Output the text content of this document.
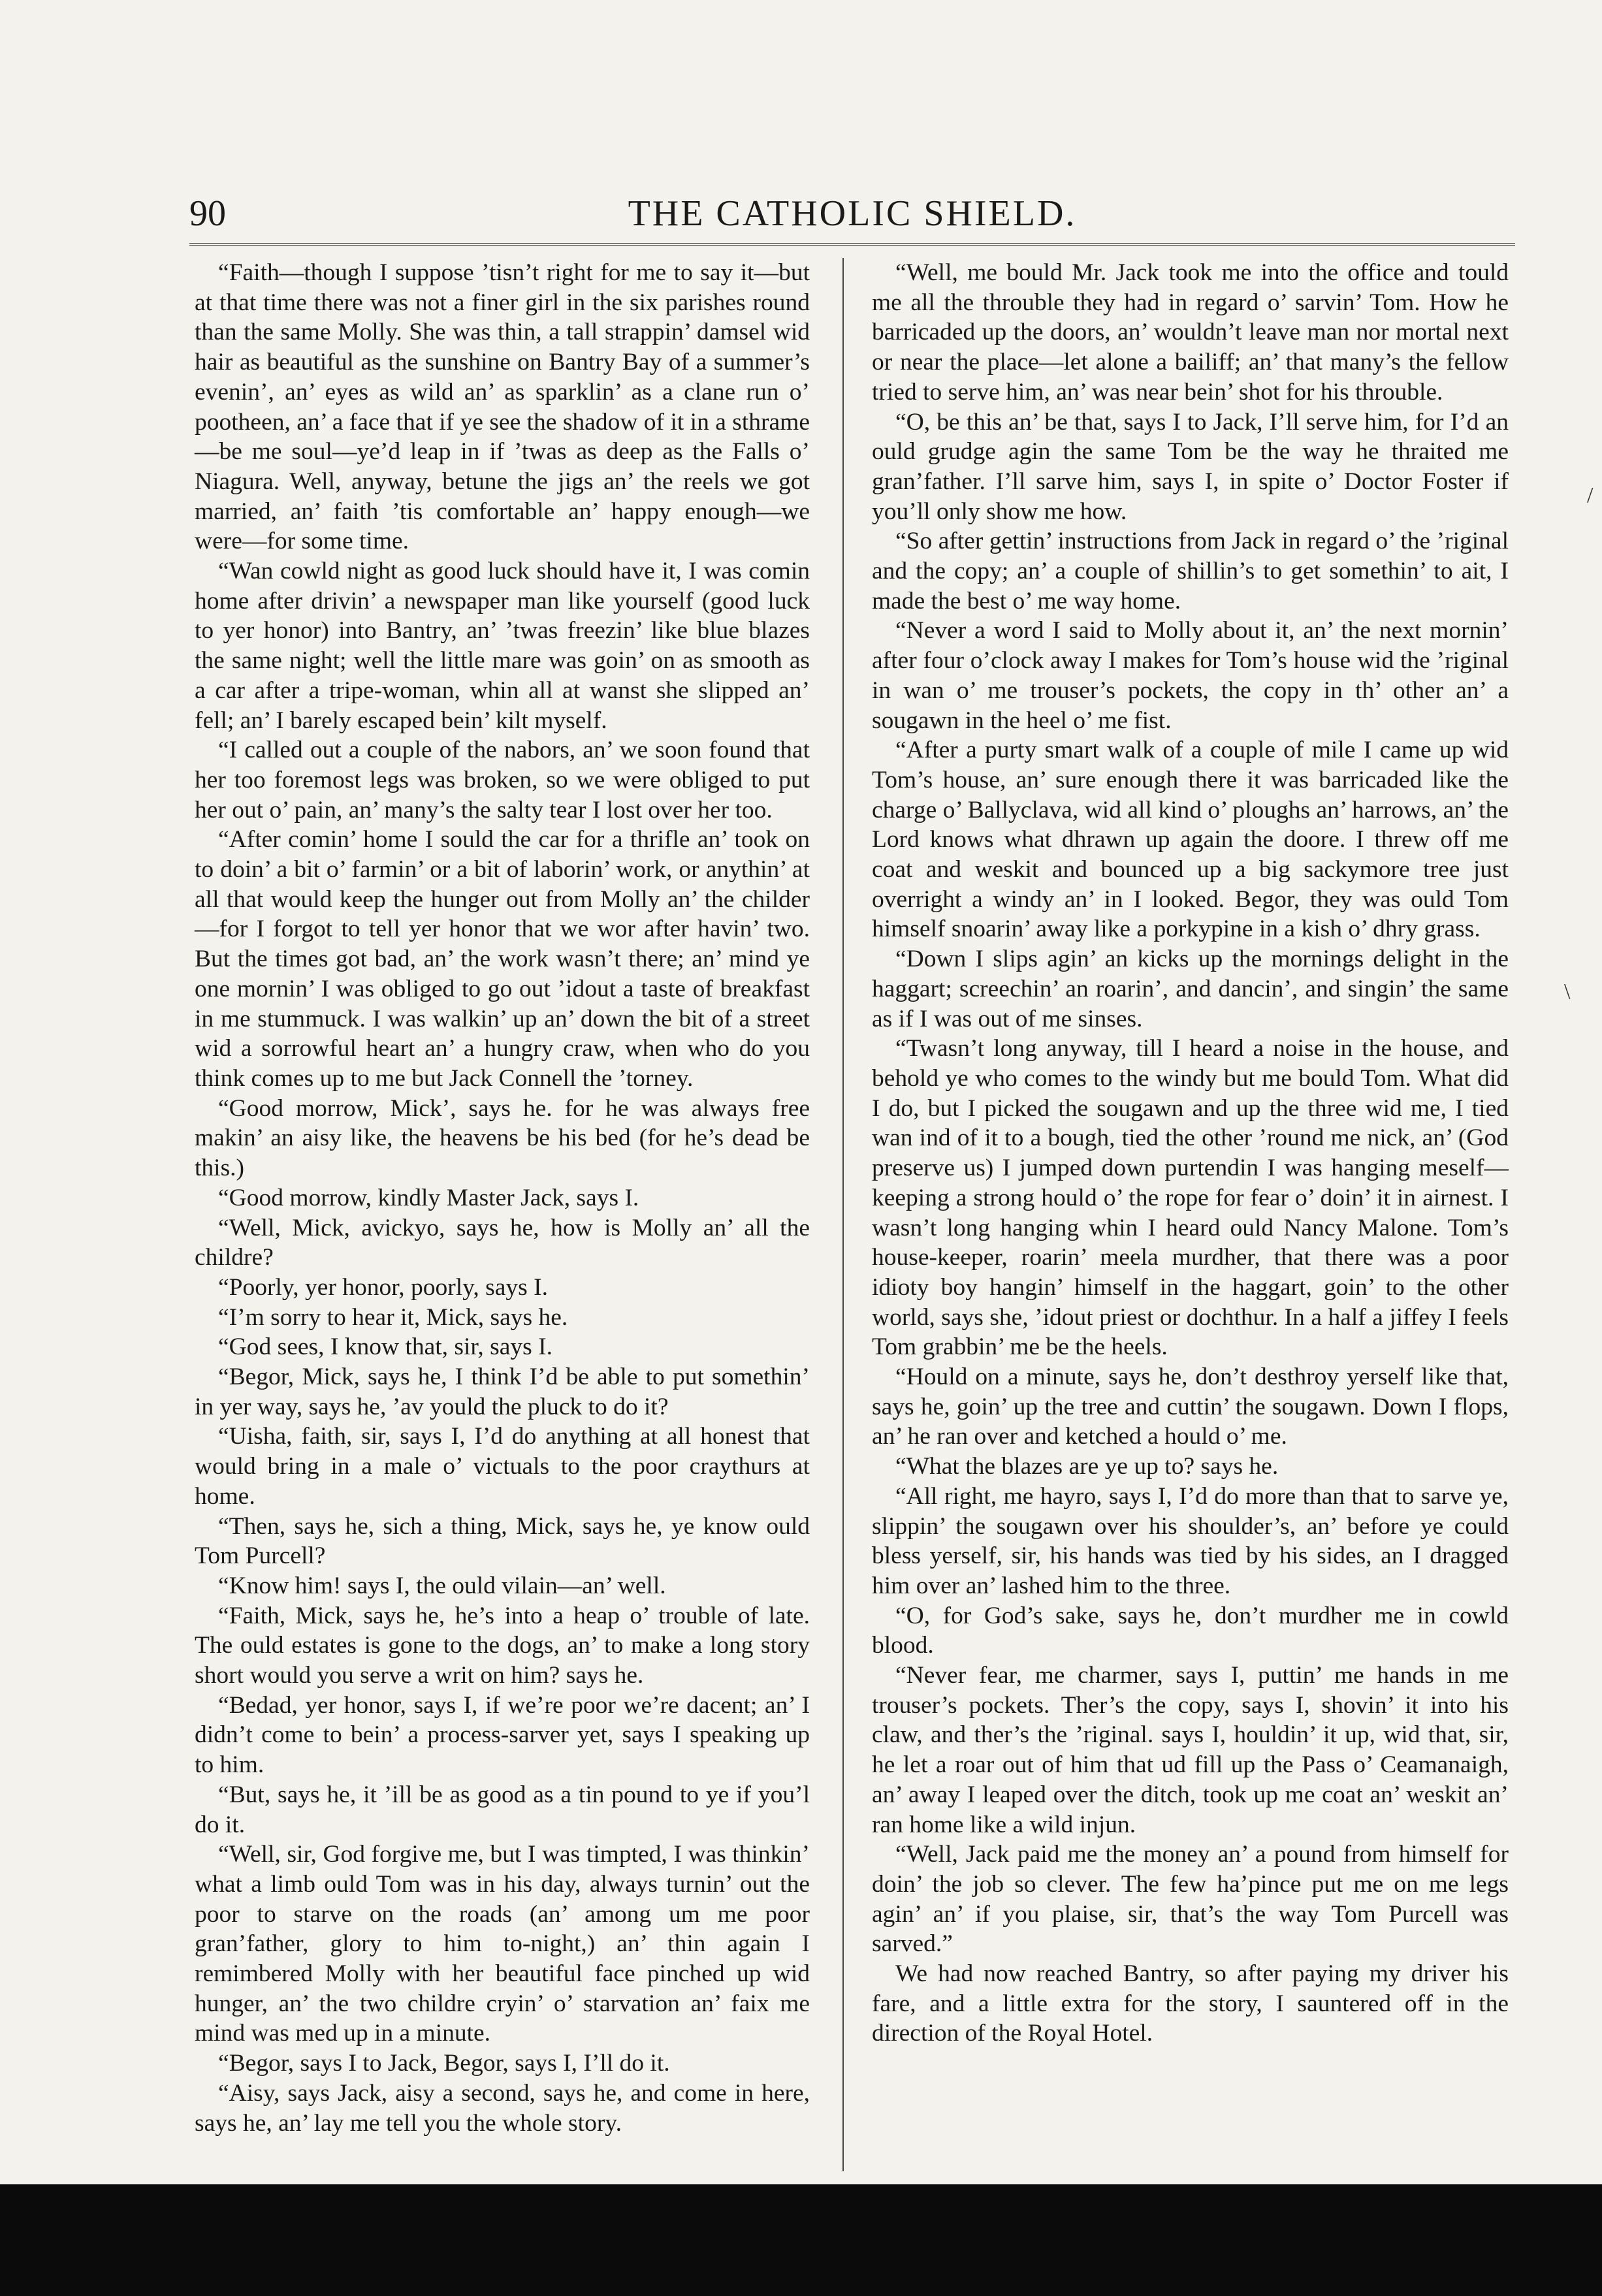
90	THE CATHOLIC SHIELD.

“Faith—though I suppose ’tisn’t right for me to say it—but at that time there was not a finer girl in the six parishes round than the same Molly. She was thin, a tall strappin’ damsel wid hair as beautiful as the sunshine on Bantry Bay of a summer’s evenin’, an’ eyes as wild an’ as sparklin’ as a clane run o’ pootheen, an’ a face that if ye see the shadow of it in a sthrame—be me soul—ye’d leap in if ’twas as deep as the Falls o’ Niagura. Well, anyway, betune the jigs an’ the reels we got married, an’ faith ’tis comfortable an’ happy enough—we were—for some time.

“Wan cowld night as good luck should have it, I was comin home after drivin’ a newspaper man like yourself (good luck to yer honor) into Bantry, an’ ’twas freezin’ like blue blazes the same night; well the little mare was goin’ on as smooth as a car after a tripe-woman, whin all at wanst she slipped an’ fell; an’ I barely escaped bein’ kilt myself.

“I called out a couple of the nabors, an’ we soon found that her too foremost legs was broken, so we were obliged to put her out o’ pain, an’ many’s the salty tear I lost over her too.

“After comin’ home I sould the car for a thrifle an’ took on to doin’ a bit o’ farmin’ or a bit of laborin’ work, or anythin’ at all that would keep the hunger out from Molly an’ the childer—for I forgot to tell yer honor that we wor after havin’ two. But the times got bad, an’ the work wasn’t there; an’ mind ye one mornin’ I was obliged to go out ’idout a taste of breakfast in me stummuck. I was walkin’ up an’ down the bit of a street wid a sorrowful heart an’ a hungry craw, when who do you think comes up to me but Jack Connell the ’torney.

“Good morrow, Mick’, says he. for he was always free makin’ an aisy like, the heavens be his bed (for he’s dead be this.)

“Good morrow, kindly Master Jack, says I.

“Well, Mick, avickyo, says he, how is Molly an’ all the childre?

“Poorly, yer honor, poorly, says I.

“I’m sorry to hear it, Mick, says he.

“God sees, I know that, sir, says I.

“Begor, Mick, says he, I think I’d be able to put somethin’ in yer way, says he, ’av yould the pluck to do it?

“Uisha, faith, sir, says I, I’d do anything at all honest that would bring in a male o’ victuals to the poor craythurs at home.

“Then, says he, sich a thing, Mick, says he, ye know ould Tom Purcell?

“Know him! says I, the ould vilain—an’ well.

“Faith, Mick, says he, he’s into a heap o’ trouble of late. The ould estates is gone to the dogs, an’ to make a long story short would you serve a writ on him? says he.

“Bedad, yer honor, says I, if we’re poor we’re dacent; an’ I didn’t come to bein’ a process-sarver yet, says I speaking up to him.

“But, says he, it ’ill be as good as a tin pound to ye if you’l do it.

“Well, sir, God forgive me, but I was timpted, I was thinkin’ what a limb ould Tom was in his day, always turnin’ out the poor to starve on the roads (an’ among um me poor gran’father, glory to him to-night,) an’ thin again I remimbered Molly with her beautiful face pinched up wid hunger, an’ the two childre cryin’ o’ starvation an’ faix me mind was med up in a minute.

“Begor, says I to Jack, Begor, says I, I’ll do it.

“Aisy, says Jack, aisy a second, says he, and come in here, says he, an’ lay me tell you the whole story.

“Well, me bould Mr. Jack took me into the office and tould me all the throuble they had in regard o’ sarvin’ Tom. How he barricaded up the doors, an’ wouldn’t leave man nor mortal next or near the place—let alone a bailiff; an’ that many’s the fellow tried to serve him, an’ was near bein’ shot for his throuble.

“O, be this an’ be that, says I to Jack, I’ll serve him, for I’d an ould grudge agin the same Tom be the way he thraited me gran’father. I’ll sarve him, says I, in spite o’ Doctor Foster if you’ll only show me how.

“So after gettin’ instructions from Jack in regard o’ the ’riginal and the copy; an’ a couple of shillin’s to get somethin’ to ait, I made the best o’ me way home.

“Never a word I said to Molly about it, an’ the next mornin’ after four o’clock away I makes for Tom’s house wid the ’riginal in wan o’ me trouser’s pockets, the copy in th’ other an’ a sougawn in the heel o’ me fist.

“After a purty smart walk of a couple of mile I came up wid Tom’s house, an’ sure enough there it was barricaded like the charge o’ Ballyclava, wid all kind o’ ploughs an’ harrows, an’ the Lord knows what dhrawn up again the doore. I threw off me coat and weskit and bounced up a big sackymore tree just overright a windy an’ in I looked. Begor, they was ould Tom himself snoarin’ away like a porkypine in a kish o’ dhry grass.

“Down I slips agin’ an kicks up the mornings delight in the haggart; screechin’ an roarin’, and dancin’, and singin’ the same as if I was out of me sinses.

“Twasn’t long anyway, till I heard a noise in the house, and behold ye who comes to the windy but me bould Tom. What did I do, but I picked the sougawn and up the three wid me, I tied wan ind of it to a bough, tied the other ’round me nick, an’ (God preserve us) I jumped down purtendin I was hanging meself—keeping a strong hould o’ the rope for fear o’ doin’ it in airnest. I wasn’t long hanging whin I heard ould Nancy Malone. Tom’s house-keeper, roarin’ meela murdher, that there was a poor idioty boy hangin’ himself in the haggart, goin’ to the other world, says she, ’idout priest or dochthur. In a half a jiffey I feels Tom grabbin’ me be the heels.

“Hould on a minute, says he, don’t desthroy yerself like that, says he, goin’ up the tree and cuttin’ the sougawn. Down I flops, an’ he ran over and ketched a hould o’ me.

“What the blazes are ye up to? says he.

“All right, me hayro, says I, I’d do more than that to sarve ye, slippin’ the sougawn over his shoulder’s, an’ before ye could bless yerself, sir, his hands was tied by his sides, an I dragged him over an’ lashed him to the three.

“O, for God’s sake, says he, don’t murdher me in cowld blood.

“Never fear, me charmer, says I, puttin’ me hands in me trouser’s pockets. Ther’s the copy, says I, shovin’ it into his claw, and ther’s the ’riginal. says I, houldin’ it up, wid that, sir, he let a roar out of him that ud fill up the Pass o’ Ceamanaigh, an’ away I leaped over the ditch, took up me coat an’ weskit an’ ran home like a wild injun.

“Well, Jack paid me the money an’ a pound from himself for doin’ the job so clever. The few ha’pince put me on me legs agin’ an’ if you plaise, sir, that’s the way Tom Purcell was sarved.”

We had now reached Bantry, so after paying my driver his fare, and a little extra for the story, I sauntered off in the direction of the Royal Hotel.

/
\
